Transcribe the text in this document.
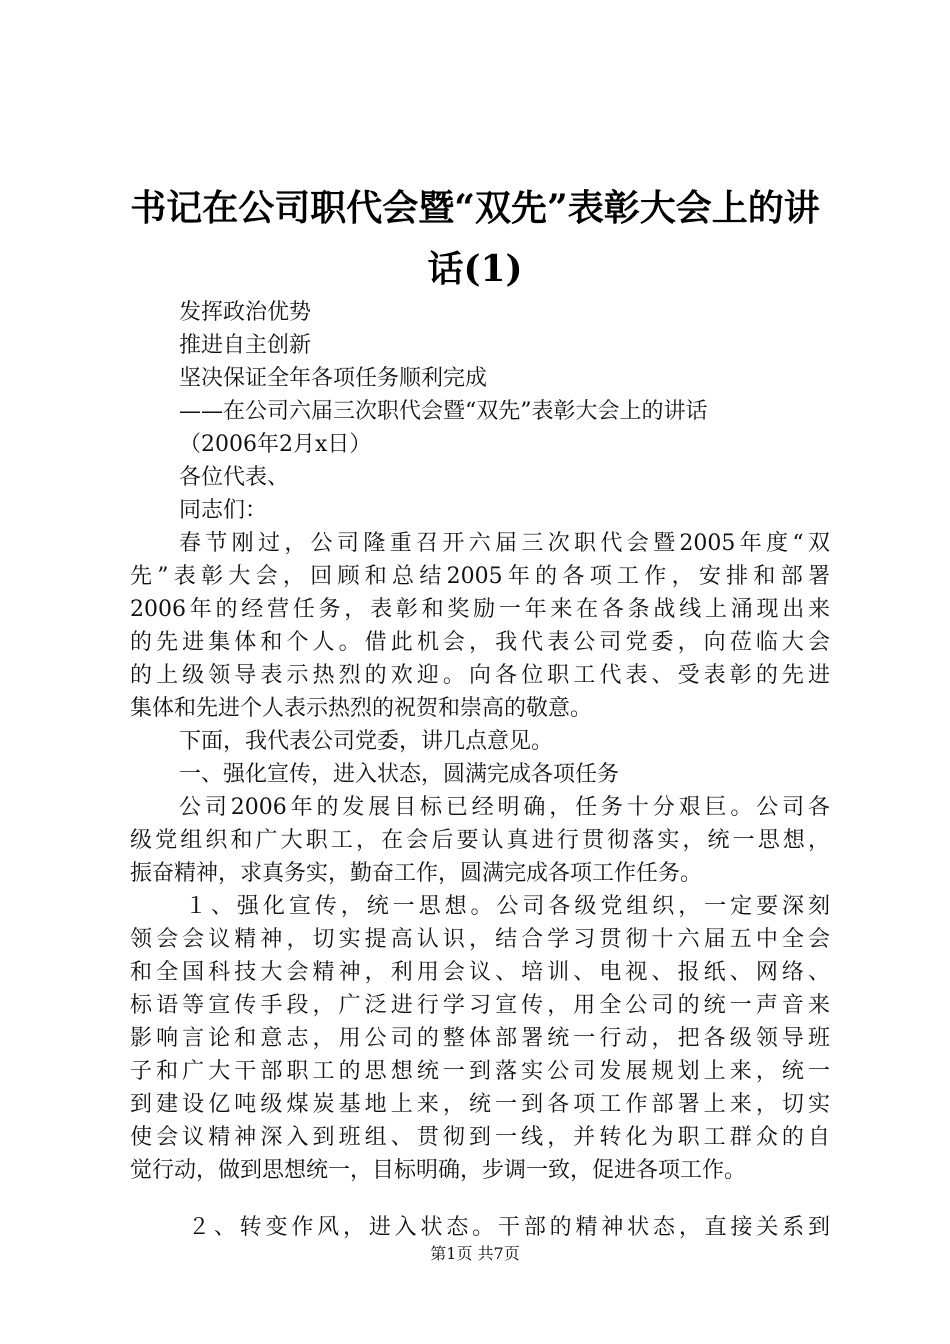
书记在公司职代会暨“双先”表彰大会上的讲
话(1)
发挥政治优势
推进自主创新
坚决保证全年各项任务顺利完成
——在公司六届三次职代会暨“双先”表彰大会上的讲话
（2006年2月x日）
各位代表、
同志们：
春节刚过，公司隆重召开六届三次职代会暨2005年度“双
先”表彰大会，回顾和总结2005年的各项工作，安排和部署
2006年的经营任务，表彰和奖励一年来在各条战线上涌现出来
的先进集体和个人。借此机会，我代表公司党委，向莅临大会
的上级领导表示热烈的欢迎。向各位职工代表、受表彰的先进
集体和先进个人表示热烈的祝贺和崇高的敬意。
下面，我代表公司党委，讲几点意见。
一、强化宣传，进入状态，圆满完成各项任务
公司2006年的发展目标已经明确，任务十分艰巨。公司各
级党组织和广大职工，在会后要认真进行贯彻落实，统一思想，
振奋精神，求真务实，勤奋工作，圆满完成各项工作任务。
１、强化宣传，统一思想。公司各级党组织，一定要深刻
领会会议精神，切实提高认识，结合学习贯彻十六届五中全会
和全国科技大会精神，利用会议、培训、电视、报纸、网络、
标语等宣传手段，广泛进行学习宣传，用全公司的统一声音来
影响言论和意志，用公司的整体部署统一行动，把各级领导班
子和广大干部职工的思想统一到落实公司发展规划上来，统一
到建设亿吨级煤炭基地上来，统一到各项工作部署上来，切实
使会议精神深入到班组、贯彻到一线，并转化为职工群众的自
觉行动，做到思想统一，目标明确，步调一致，促进各项工作。
２、转变作风，进入状态。干部的精神状态，直接关系到
第1页 共7页
